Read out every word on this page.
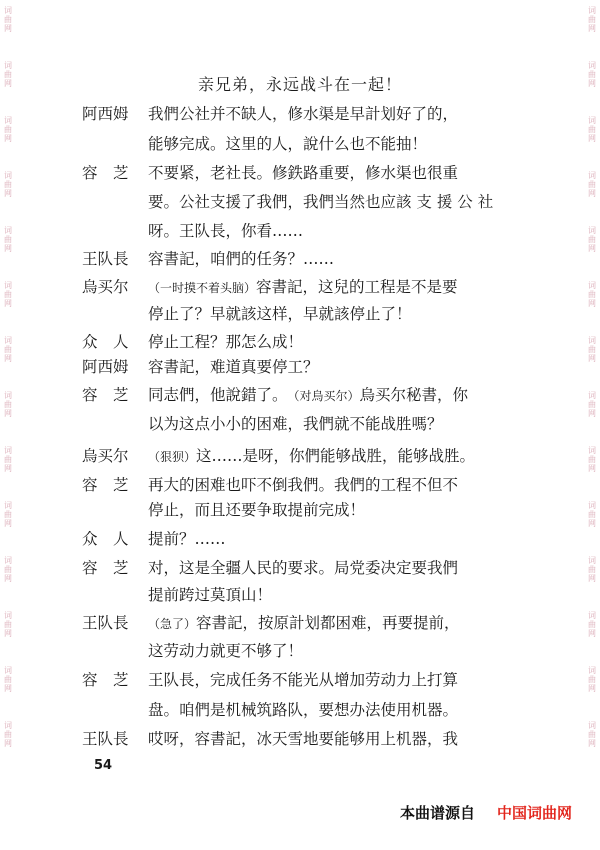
词
曲
网
词
曲
网
词
曲
网
词
曲
网
词
曲
网
词
曲
网
词
曲
网
词
曲
网
词
曲
网
词
曲
网
词
曲
网
词
曲
网
词
曲
网
词
曲
网
词
曲
网
词
曲
网
词
曲
网
词
曲
网
词
曲
网
词
曲
网
词
曲
网
词
曲
网
词
曲
网
词
曲
网
词
曲
网
词
曲
网
词
曲
网
词
曲
网
亲兄弟，永远战斗在一起！
阿西姆 我們公社并不缺人，修水渠是早計划好了的，
能够完成。这里的人，說什么也不能抽！
容　芝 不要紧，老社長。修鉄路重要，修水渠也很重
要。公社支援了我們，我們当然也应該 支 援 公 社
呀。王队長，你看……
王队長 容書記，咱們的任务？……
烏买尔 （一时摸不着头脑）容書記，这兒的工程是不是要
停止了？早就該这样，早就該停止了！
众　人 停止工程？那怎么成！
阿西姆 容書記，难道真要停工？
容　芝 同志們，他說錯了。（对烏买尔）烏买尔秘書，你
以为这点小小的困难，我們就不能战胜嗎？
烏买尔 （狠狈）这……是呀，你們能够战胜，能够战胜。
容　芝 再大的困难也吓不倒我們。我們的工程不但不
停止，而且还要争取提前完成！
众　人 提前？……
容　芝 对，这是全疆人民的要求。局党委决定要我們
提前跨过莫頂山！
王队長 （急了）容書記，按原計划都困难，再要提前，
这劳动力就更不够了！
容　芝 王队長，完成任务不能光从增加劳动力上打算
盘。咱們是机械筑路队，要想办法使用机器。
王队長 哎呀，容書記，冰天雪地要能够用上机器，我
54
本曲谱源自 中国词曲网
